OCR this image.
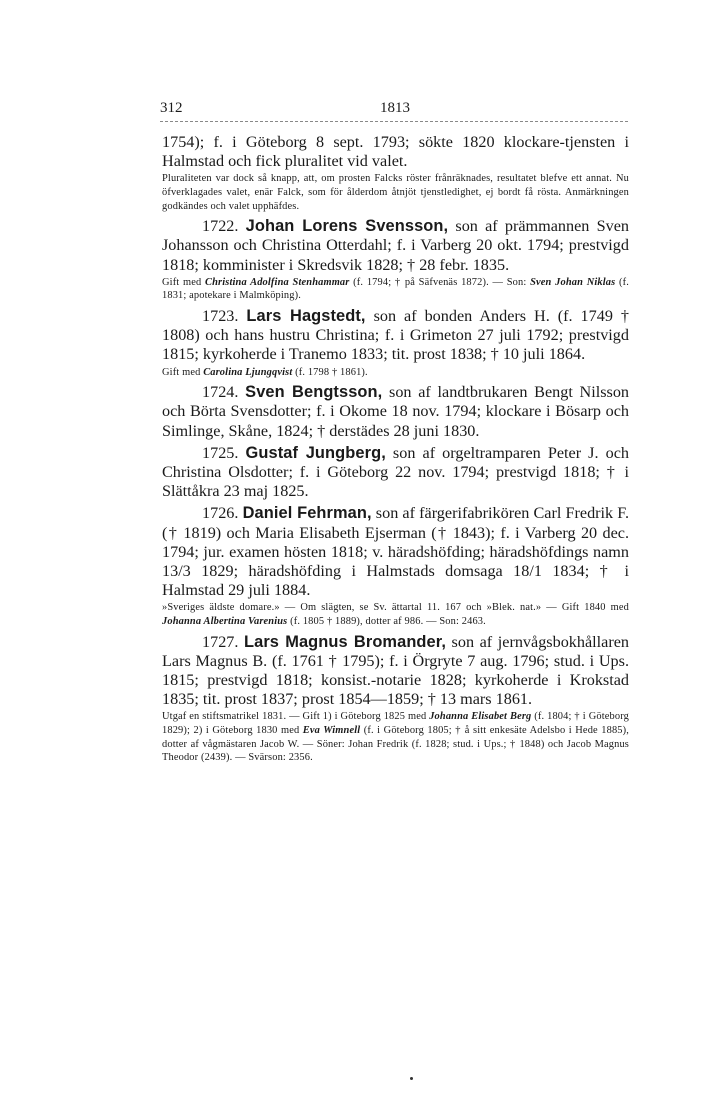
312	1813

1754); f. i Göteborg 8 sept. 1793; sökte 1820 klockare-tjensten i Halmstad och fick pluralitet vid valet.

Pluraliteten var dock så knapp, att, om prosten Falcks röster frånräknades, resultatet blefve ett annat. Nu öfverklagades valet, enär Falck, som för ålderdom åtnjöt tjenstledighet, ej bordt få rösta. Anmärkningen godkändes och valet upphäfdes.

1722. Johan Lorens Svensson, son af prämmannen Sven Johansson och Christina Otterdahl; f. i Varberg 20 okt. 1794; prestvigd 1818; komminister i Skredsvik 1828; † 28 febr. 1835.

Gift med Christina Adolfina Stenhammar (f. 1794; † på Säfvenäs 1872). — Son: Sven Johan Niklas (f. 1831; apotekare i Malmköping).

1723. Lars Hagstedt, son af bonden Anders H. (f. 1749 † 1808) och hans hustru Christina; f. i Grimeton 27 juli 1792; prestvigd 1815; kyrkoherde i Tranemo 1833; tit. prost 1838; † 10 juli 1864.

Gift med Carolina Ljungqvist (f. 1798 † 1861).

1724. Sven Bengtsson, son af landtbrukaren Bengt Nilsson och Börta Svensdotter; f. i Okome 18 nov. 1794; klockare i Bösarp och Simlinge, Skåne, 1824; † derstädes 28 juni 1830.

1725. Gustaf Jungberg, son af orgeltramparen Peter J. och Christina Olsdotter; f. i Göteborg 22 nov. 1794; prestvigd 1818; † i Slättåkra 23 maj 1825.

1726. Daniel Fehrman, son af färgerifabrikören Carl Fredrik F. († 1819) och Maria Elisabeth Ejserman († 1843); f. i Varberg 20 dec. 1794; jur. examen hösten 1818; v. häradshöfding; häradshöfdings namn 13/3 1829; häradshöfding i Halmstads domsaga 18/1 1834; † i Halmstad 29 juli 1884.

»Sveriges äldste domare.» — Om slägten, se Sv. ättartal 11. 167 och »Blek. nat.» — Gift 1840 med Johanna Albertina Varenius (f. 1805 † 1889), dotter af 986. — Son: 2463.

1727. Lars Magnus Bromander, son af jernvågsbokhållaren Lars Magnus B. (f. 1761 † 1795); f. i Örgryte 7 aug. 1796; stud. i Ups. 1815; prestvigd 1818; konsist.-notarie 1828; kyrkoherde i Krokstad 1835; tit. prost 1837; prost 1854—1859; † 13 mars 1861.

Utgaf en stiftsmatrikel 1831. — Gift 1) i Göteborg 1825 med Johanna Elisabet Berg (f. 1804; † i Göteborg 1829); 2) i Göteborg 1830 med Eva Wimnell (f. i Göteborg 1805; † å sitt enkesäte Adelsbo i Hede 1885), dotter af vågmästaren Jacob W. — Söner: Johan Fredrik (f. 1828; stud. i Ups.; † 1848) och Jacob Magnus Theodor (2439). — Svärson: 2356.
